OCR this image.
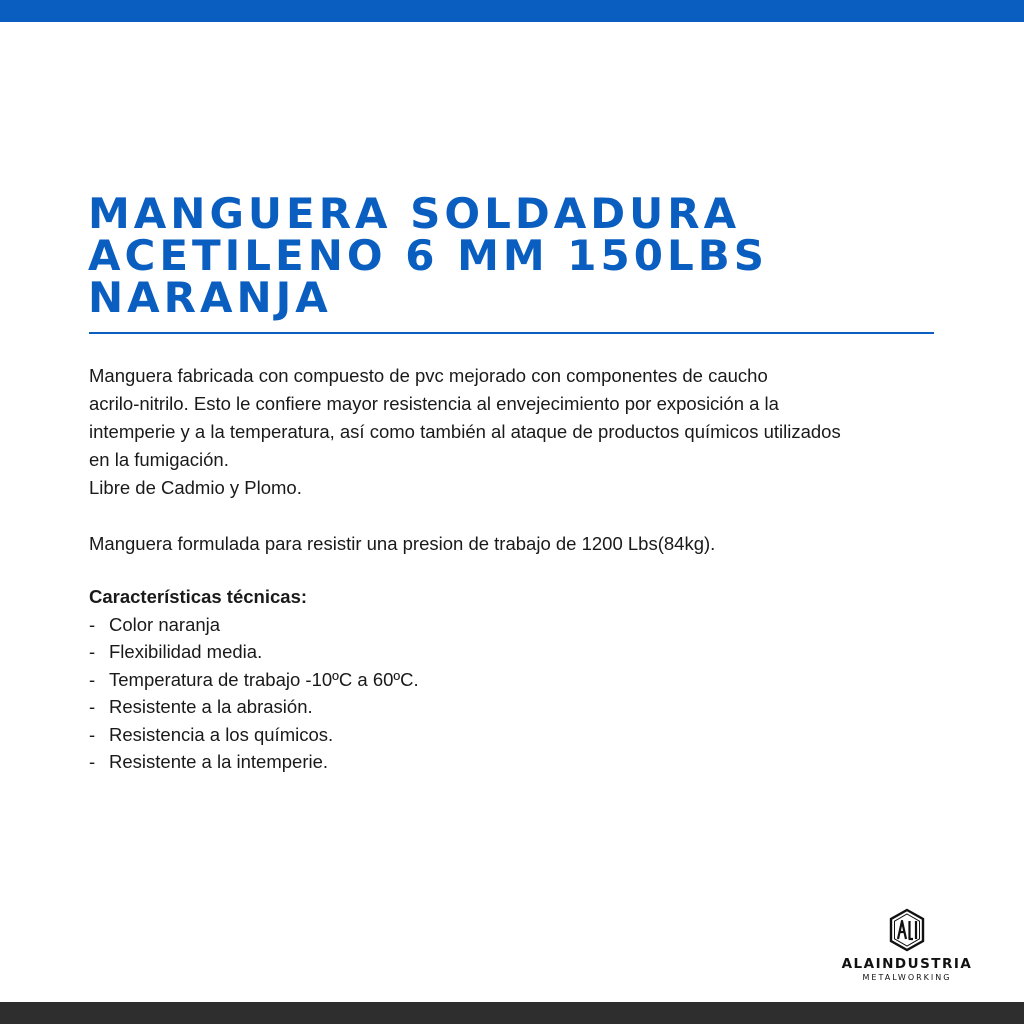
MANGUERA SOLDADURA
ACETILENO 6 MM 150LBS
NARANJA

Manguera fabricada con compuesto de pvc mejorado con componentes de caucho

acrilo-nitrilo. Esto le confiere mayor resistencia al envejecimiento por exposición a la

intemperie y a la temperatura, así como también al ataque de productos químicos utilizados

en la fumigación.

Libre de Cadmio y Plomo.

Manguera formulada para resistir una presion de trabajo de 1200 Lbs(84kg).

Características técnicas:

- Color naranja
- Flexibilidad media.
- Temperatura de trabajo -10ºC a 60ºC.
- Resistente a la abrasión.
- Resistencia a los químicos.
- Resistente a la intemperie.
ALAINDUSTRIA
METALWORKING
